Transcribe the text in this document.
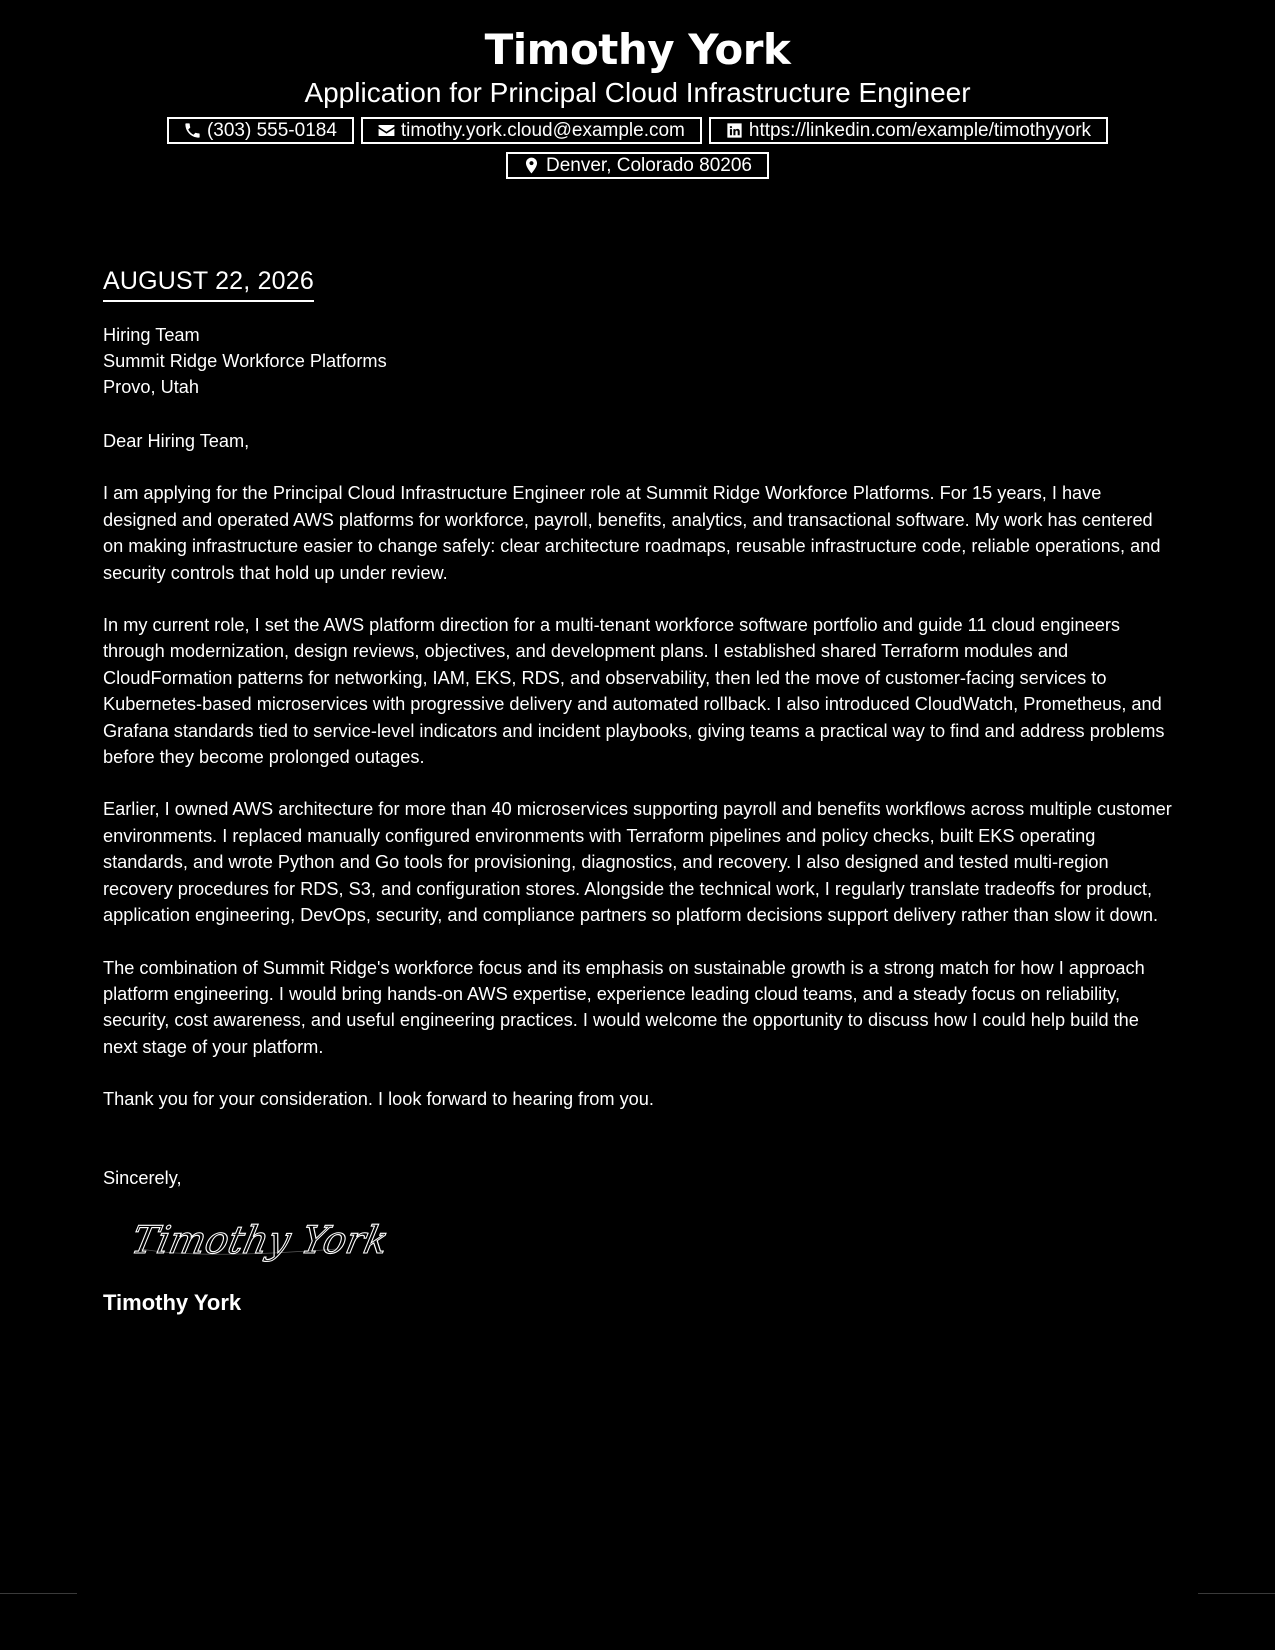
Timothy York
Application for Principal Cloud Infrastructure Engineer
(303) 555-0184	timothy.york.cloud@example.com	https://linkedin.com/example/timothyyork
Denver, Colorado 80206
AUGUST 22, 2026
Hiring Team
Summit Ridge Workforce Platforms
Provo, Utah
Dear Hiring Team,

I am applying for the Principal Cloud Infrastructure Engineer role at Summit Ridge Workforce Platforms. For 15 years, I have designed and operated AWS platforms for workforce, payroll, benefits, analytics, and transactional software. My work has centered on making infrastructure easier to change safely: clear architecture roadmaps, reusable infrastructure code, reliable operations, and security controls that hold up under review.

In my current role, I set the AWS platform direction for a multi-tenant workforce software portfolio and guide 11 cloud engineers through modernization, design reviews, objectives, and development plans. I established shared Terraform modules and CloudFormation patterns for networking, IAM, EKS, RDS, and observability, then led the move of customer-facing services to Kubernetes-based microservices with progressive delivery and automated rollback. I also introduced CloudWatch, Prometheus, and Grafana standards tied to service-level indicators and incident playbooks, giving teams a practical way to find and address problems before they become prolonged outages.

Earlier, I owned AWS architecture for more than 40 microservices supporting payroll and benefits workflows across multiple customer environments. I replaced manually configured environments with Terraform pipelines and policy checks, built EKS operating standards, and wrote Python and Go tools for provisioning, diagnostics, and recovery. I also designed and tested multi-region recovery procedures for RDS, S3, and configuration stores. Alongside the technical work, I regularly translate tradeoffs for product, application engineering, DevOps, security, and compliance partners so platform decisions support delivery rather than slow it down.

The combination of Summit Ridge's workforce focus and its emphasis on sustainable growth is a strong match for how I approach platform engineering. I would bring hands-on AWS expertise, experience leading cloud teams, and a steady focus on reliability, security, cost awareness, and useful engineering practices. I would welcome the opportunity to discuss how I could help build the next stage of your platform.

Thank you for your consideration. I look forward to hearing from you.

Sincerely,
Timothy York
Timothy York
